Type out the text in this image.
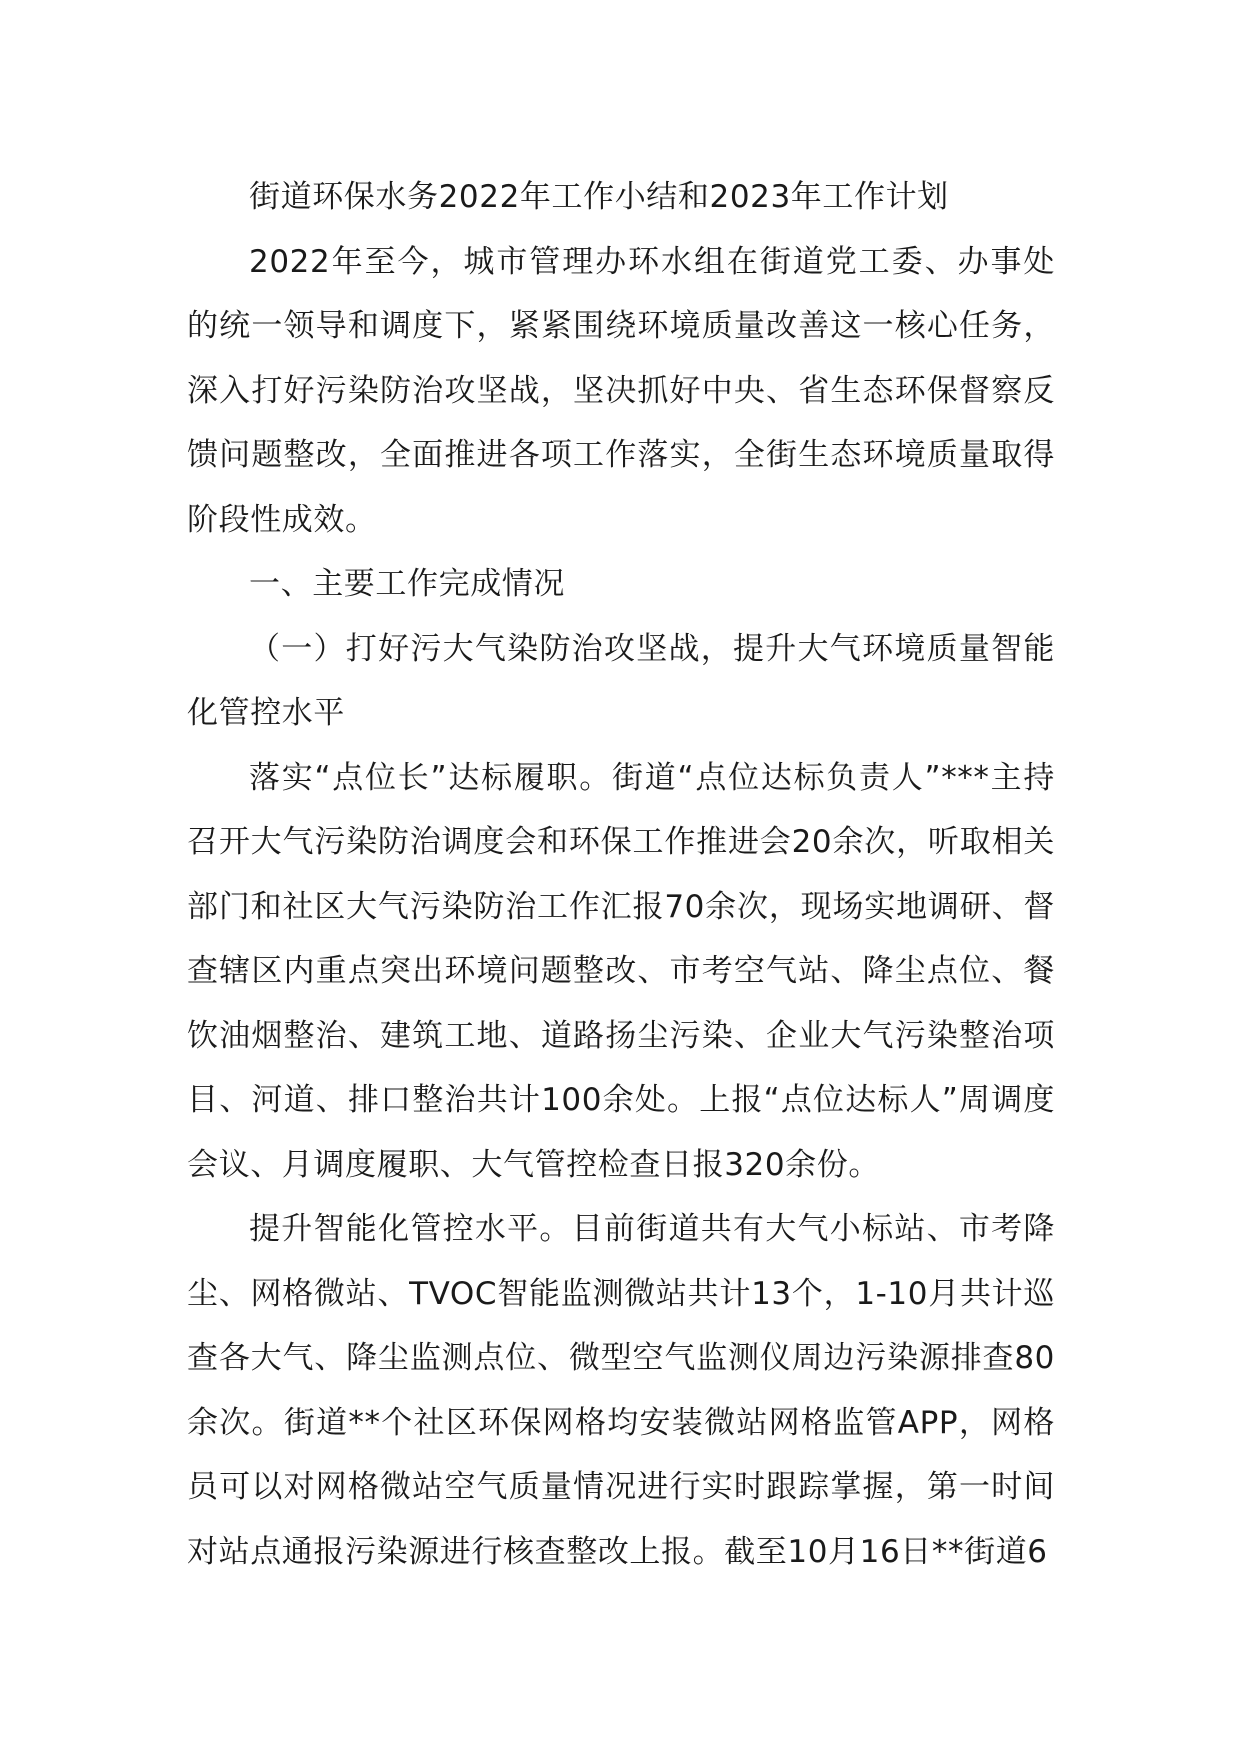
街道环保水务2022年工作小结和2023年工作计划

2022年至今，城市管理办环水组在街道党工委、办事处的统一领导和调度下，紧紧围绕环境质量改善这一核心任务，深入打好污染防治攻坚战，坚决抓好中央、省生态环保督察反馈问题整改，全面推进各项工作落实，全街生态环境质量取得阶段性成效。

一、主要工作完成情况

（一）打好污大气染防治攻坚战，提升大气环境质量智能化管控水平

落实“点位长”达标履职。街道“点位达标负责人”***主持召开大气污染防治调度会和环保工作推进会20余次，听取相关部门和社区大气污染防治工作汇报70余次，现场实地调研、督查辖区内重点突出环境问题整改、市考空气站、降尘点位、餐饮油烟整治、建筑工地、道路扬尘污染、企业大气污染整治项目、河道、排口整治共计100余处。上报“点位达标人”周调度会议、月调度履职、大气管控检查日报320余份。

提升智能化管控水平。目前街道共有大气小标站、市考降尘、网格微站、TVOC智能监测微站共计13个，1-10月共计巡查各大气、降尘监测点位、微型空气监测仪周边污染源排查80余次。街道**个社区环保网格均安装微站网格监管APP，网格员可以对网格微站空气质量情况进行实时跟踪掌握，第一时间对站点通报污染源进行核查整改上报。截至10月16日**街道6
